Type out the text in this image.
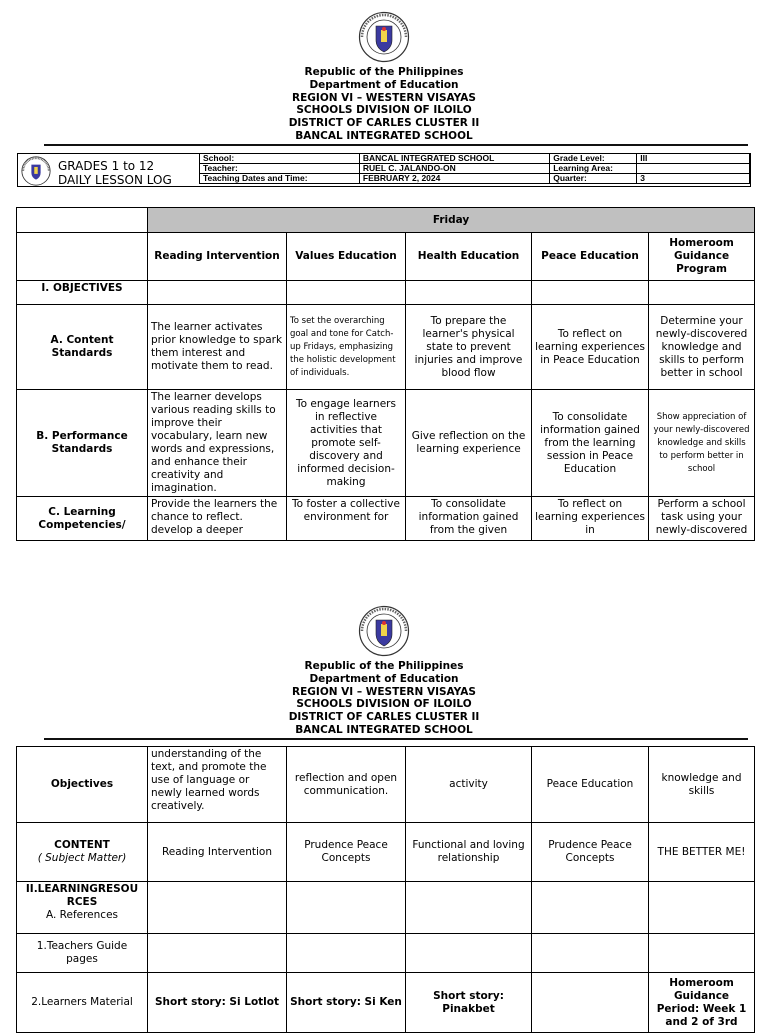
Republic of the Philippines
Department of Education
REGION VI – WESTERN VISAYAS
SCHOOLS DIVISION OF ILOILO
DISTRICT OF CARLES CLUSTER II
BANCAL INTEGRATED SCHOOL
GRADES 1 to 12
DAILY LESSON LOG
School:	BANCAL INTEGRATED SCHOOL	Grade Level:	III
Teacher:	RUEL C. JALANDO-ON	Learning Area:	
Teaching Dates and Time:	FEBRUARY 2, 2024	Quarter:	3
	Friday				
	Reading Intervention	Values Education	Health Education	Peace Education	Homeroom Guidance Program
I. OBJECTIVES					
A. Content Standards	The learner activates prior knowledge to spark them interest and motivate them to read.	To set the overarching goal and tone for Catch-up Fridays, emphasizing the holistic development of individuals.	To prepare the learner's physical state to prevent injuries and improve blood flow	To reflect on learning experiences in Peace Education	Determine your newly-discovered knowledge and skills to perform better in school
B. Performance Standards	The learner develops various reading skills to improve their vocabulary, learn new words and expressions, and enhance their creativity and imagination.	To engage learners in reflective activities that promote self-discovery and informed decision-making	Give reflection on the learning experience	To consolidate information gained from the learning session in Peace Education	Show appreciation of your newly-discovered knowledge and skills to perform better in school
C. Learning Competencies/	Provide the learners the chance to reflect. develop a deeper	To foster a collective environment for	To consolidate information gained from the given	To reflect on learning experiences in	Perform a school task using your newly-discovered
Republic of the Philippines
Department of Education
REGION VI – WESTERN VISAYAS
SCHOOLS DIVISION OF ILOILO
DISTRICT OF CARLES CLUSTER II
BANCAL INTEGRATED SCHOOL
Objectives	understanding of the text, and promote the use of language or newly learned words creatively.	reflection and open communication.	activity	Peace Education	knowledge and skills

CONTENT
( Subject Matter)	Reading Intervention	Prudence Peace Concepts	Functional and loving relationship	Prudence Peace Concepts	THE BETTER ME!

II.LEARNINGRESOU RCES
A. References					

1.Teachers Guide pages					
2.Learners Material	Short story: Si Lotlot	Short story: Si Ken	Short story: Pinakbet		Homeroom Guidance Period: Week 1 and 2 of 3rd
